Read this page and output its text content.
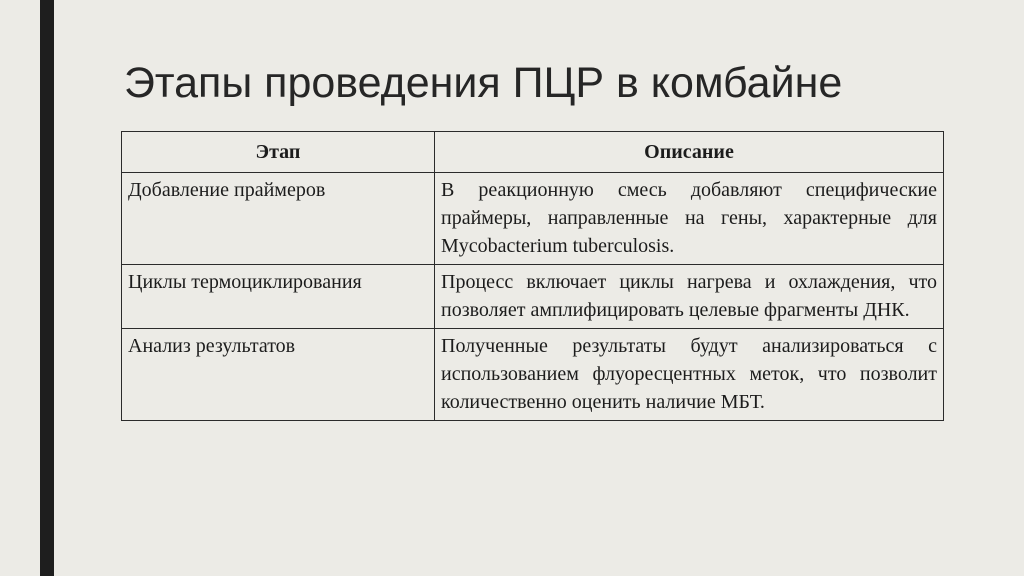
Этапы проведения ПЦР в комбайне
Этап	Описание
Добавление праймеров	В реакционную смесь добавляют специфические праймеры, направленные на гены, характерные для Mycobacterium tuberculosis.
Циклы термоциклирования	Процесс включает циклы нагрева и охлаждения, что позволяет амплифицировать целевые фрагменты ДНК.
Анализ результатов	Полученные результаты будут анализироваться с использованием флуоресцентных меток, что позволит количественно оценить наличие МБТ.
